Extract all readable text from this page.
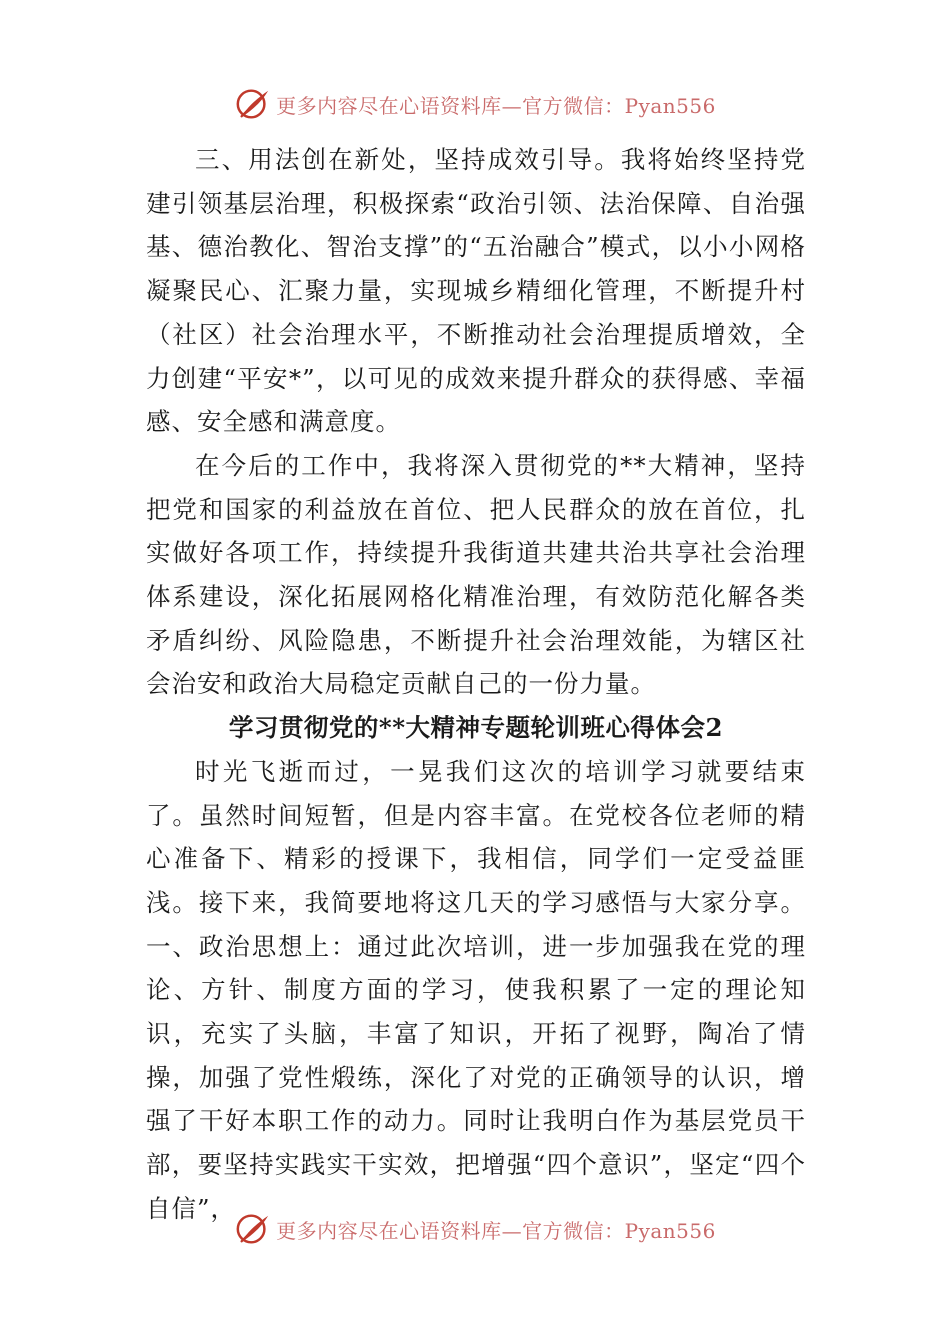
更多内容尽在心语资料库—官方微信：Pyan556

三、用法创在新处，坚持成效引导。我将始终坚持党建引领基层治理，积极探索“政治引领、法治保障、自治强基、德治教化、智治支撑”的“五治融合”模式，以小小网格凝聚民心、汇聚力量，实现城乡精细化管理，不断提升村（社区）社会治理水平，不断推动社会治理提质增效，全力创建“平安*”，以可见的成效来提升群众的获得感、幸福感、安全感和满意度。

在今后的工作中，我将深入贯彻党的**大精神，坚持把党和国家的利益放在首位、把人民群众的放在首位，扎实做好各项工作，持续提升我街道共建共治共享社会治理体系建设，深化拓展网格化精准治理，有效防范化解各类矛盾纠纷、风险隐患，不断提升社会治理效能，为辖区社会治安和政治大局稳定贡献自己的一份力量。

学习贯彻党的**大精神专题轮训班心得体会2

时光飞逝而过，一晃我们这次的培训学习就要结束了。虽然时间短暂，但是内容丰富。在党校各位老师的精心准备下、精彩的授课下，我相信，同学们一定受益匪浅。接下来，我简要地将这几天的学习感悟与大家分享。一、政治思想上：通过此次培训，进一步加强我在党的理论、方针、制度方面的学习，使我积累了一定的理论知识，充实了头脑，丰富了知识，开拓了视野，陶冶了情操，加强了党性煅练，深化了对党的正确领导的认识，增强了干好本职工作的动力。同时让我明白作为基层党员干部，要坚持实践实干实效，把增强“四个意识”，坚定“四个自信”，

更多内容尽在心语资料库—官方微信：Pyan556
